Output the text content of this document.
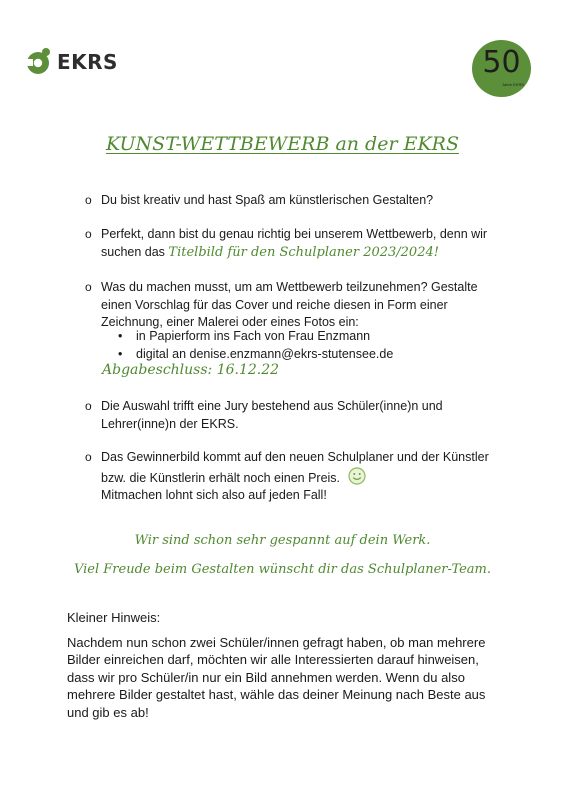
EKRS	50
Jahre EKRS
KUNST-WETTBEWERB an der EKRS
o Du bist kreativ und hast Spaß am künstlerischen Gestalten?
o Perfekt, dann bist du genau richtig bei unserem Wettbewerb, denn wir suchen das Titelbild für den Schulplaner 2023/2024!
o Was du machen musst, um am Wettbewerb teilzunehmen? Gestalte einen Vorschlag für das Cover und reiche diesen in Form einer Zeichnung, einer Malerei oder eines Fotos ein:
• in Papierform ins Fach von Frau Enzmann
• digital an denise.enzmann@ekrs-stutensee.de
Abgabeschluss: 16.12.22
o Die Auswahl trifft eine Jury bestehend aus Schüler(inne)n und Lehrer(inne)n der EKRS.
o Das Gewinnerbild kommt auf den neuen Schulplaner und der Künstler bzw. die Künstlerin erhält noch einen Preis.
Mitmachen lohnt sich also auf jeden Fall!
Wir sind schon sehr gespannt auf dein Werk.
Viel Freude beim Gestalten wünscht dir das Schulplaner-Team.
Kleiner Hinweis:
Nachdem nun schon zwei Schüler/innen gefragt haben, ob man mehrere Bilder einreichen darf, möchten wir alle Interessierten darauf hinweisen, dass wir pro Schüler/in nur ein Bild annehmen werden. Wenn du also mehrere Bilder gestaltet hast, wähle das deiner Meinung nach Beste aus und gib es ab!
